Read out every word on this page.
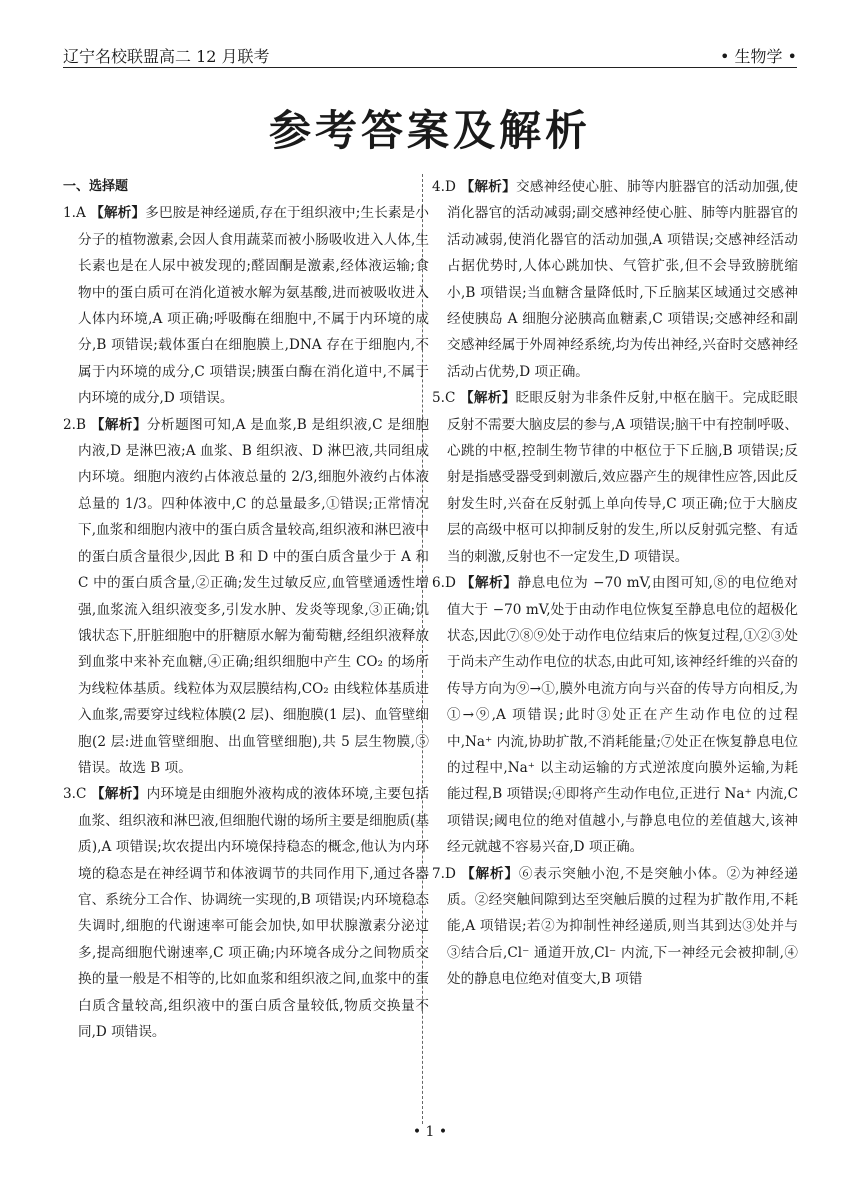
辽宁名校联盟高二 12 月联考	• 生物学 •
参考答案及解析
一、选择题

1.A 【解析】多巴胺是神经递质,存在于组织液中;生长素是小分子的植物激素,会因人食用蔬菜而被小肠吸收进入人体,生长素也是在人尿中被发现的;醛固酮是激素,经体液运输;食物中的蛋白质可在消化道被水解为氨基酸,进而被吸收进入人体内环境,A 项正确;呼吸酶在细胞中,不属于内环境的成分,B 项错误;载体蛋白在细胞膜上,DNA 存在于细胞内,不属于内环境的成分,C 项错误;胰蛋白酶在消化道中,不属于内环境的成分,D 项错误。

2.B 【解析】分析题图可知,A 是血浆,B 是组织液,C 是细胞内液,D 是淋巴液;A 血浆、B 组织液、D 淋巴液,共同组成内环境。细胞内液约占体液总量的 2/3,细胞外液约占体液总量的 1/3。四种体液中,C 的总量最多,①错误;正常情况下,血浆和细胞内液中的蛋白质含量较高,组织液和淋巴液中的蛋白质含量很少,因此 B 和 D 中的蛋白质含量少于 A 和 C 中的蛋白质含量,②正确;发生过敏反应,血管壁通透性增强,血浆流入组织液变多,引发水肿、发炎等现象,③正确;饥饿状态下,肝脏细胞中的肝糖原水解为葡萄糖,经组织液释放到血浆中来补充血糖,④正确;组织细胞中产生 CO₂ 的场所为线粒体基质。线粒体为双层膜结构,CO₂ 由线粒体基质进入血浆,需要穿过线粒体膜(2 层)、细胞膜(1 层)、血管壁细胞(2 层:进血管壁细胞、出血管壁细胞),共 5 层生物膜,⑤错误。故选 B 项。

3.C 【解析】内环境是由细胞外液构成的液体环境,主要包括血浆、组织液和淋巴液,但细胞代谢的场所主要是细胞质(基质),A 项错误;坎农提出内环境保持稳态的概念,他认为内环境的稳态是在神经调节和体液调节的共同作用下,通过各器官、系统分工合作、协调统一实现的,B 项错误;内环境稳态失调时,细胞的代谢速率可能会加快,如甲状腺激素分泌过多,提高细胞代谢速率,C 项正确;内环境各成分之间物质交换的量一般是不相等的,比如血浆和组织液之间,血浆中的蛋白质含量较高,组织液中的蛋白质含量较低,物质交换量不同,D 项错误。

4.D 【解析】交感神经使心脏、肺等内脏器官的活动加强,使消化器官的活动减弱;副交感神经使心脏、肺等内脏器官的活动减弱,使消化器官的活动加强,A 项错误;交感神经活动占据优势时,人体心跳加快、气管扩张,但不会导致膀胱缩小,B 项错误;当血糖含量降低时,下丘脑某区域通过交感神经使胰岛 A 细胞分泌胰高血糖素,C 项错误;交感神经和副交感神经属于外周神经系统,均为传出神经,兴奋时交感神经活动占优势,D 项正确。

5.C 【解析】眨眼反射为非条件反射,中枢在脑干。完成眨眼反射不需要大脑皮层的参与,A 项错误;脑干中有控制呼吸、心跳的中枢,控制生物节律的中枢位于下丘脑,B 项错误;反射是指感受器受到刺激后,效应器产生的规律性应答,因此反射发生时,兴奋在反射弧上单向传导,C 项正确;位于大脑皮层的高级中枢可以抑制反射的发生,所以反射弧完整、有适当的刺激,反射也不一定发生,D 项错误。

6.D 【解析】静息电位为 −70 mV,由图可知,⑧的电位绝对值大于 −70 mV,处于由动作电位恢复至静息电位的超极化状态,因此⑦⑧⑨处于动作电位结束后的恢复过程,①②③处于尚未产生动作电位的状态,由此可知,该神经纤维的兴奋的传导方向为⑨→①,膜外电流方向与兴奋的传导方向相反,为①→⑨,A 项错误;此时③处正在产生动作电位的过程中,Na⁺ 内流,协助扩散,不消耗能量;⑦处正在恢复静息电位的过程中,Na⁺ 以主动运输的方式逆浓度向膜外运输,为耗能过程,B 项错误;④即将产生动作电位,正进行 Na⁺ 内流,C 项错误;阈电位的绝对值越小,与静息电位的差值越大,该神经元就越不容易兴奋,D 项正确。

7.D 【解析】⑥表示突触小泡,不是突触小体。②为神经递质。②经突触间隙到达至突触后膜的过程为扩散作用,不耗能,A 项错误;若②为抑制性神经递质,则当其到达③处并与③结合后,Cl⁻ 通道开放,Cl⁻ 内流,下一神经元会被抑制,④处的静息电位绝对值变大,B 项错

• 1 •
